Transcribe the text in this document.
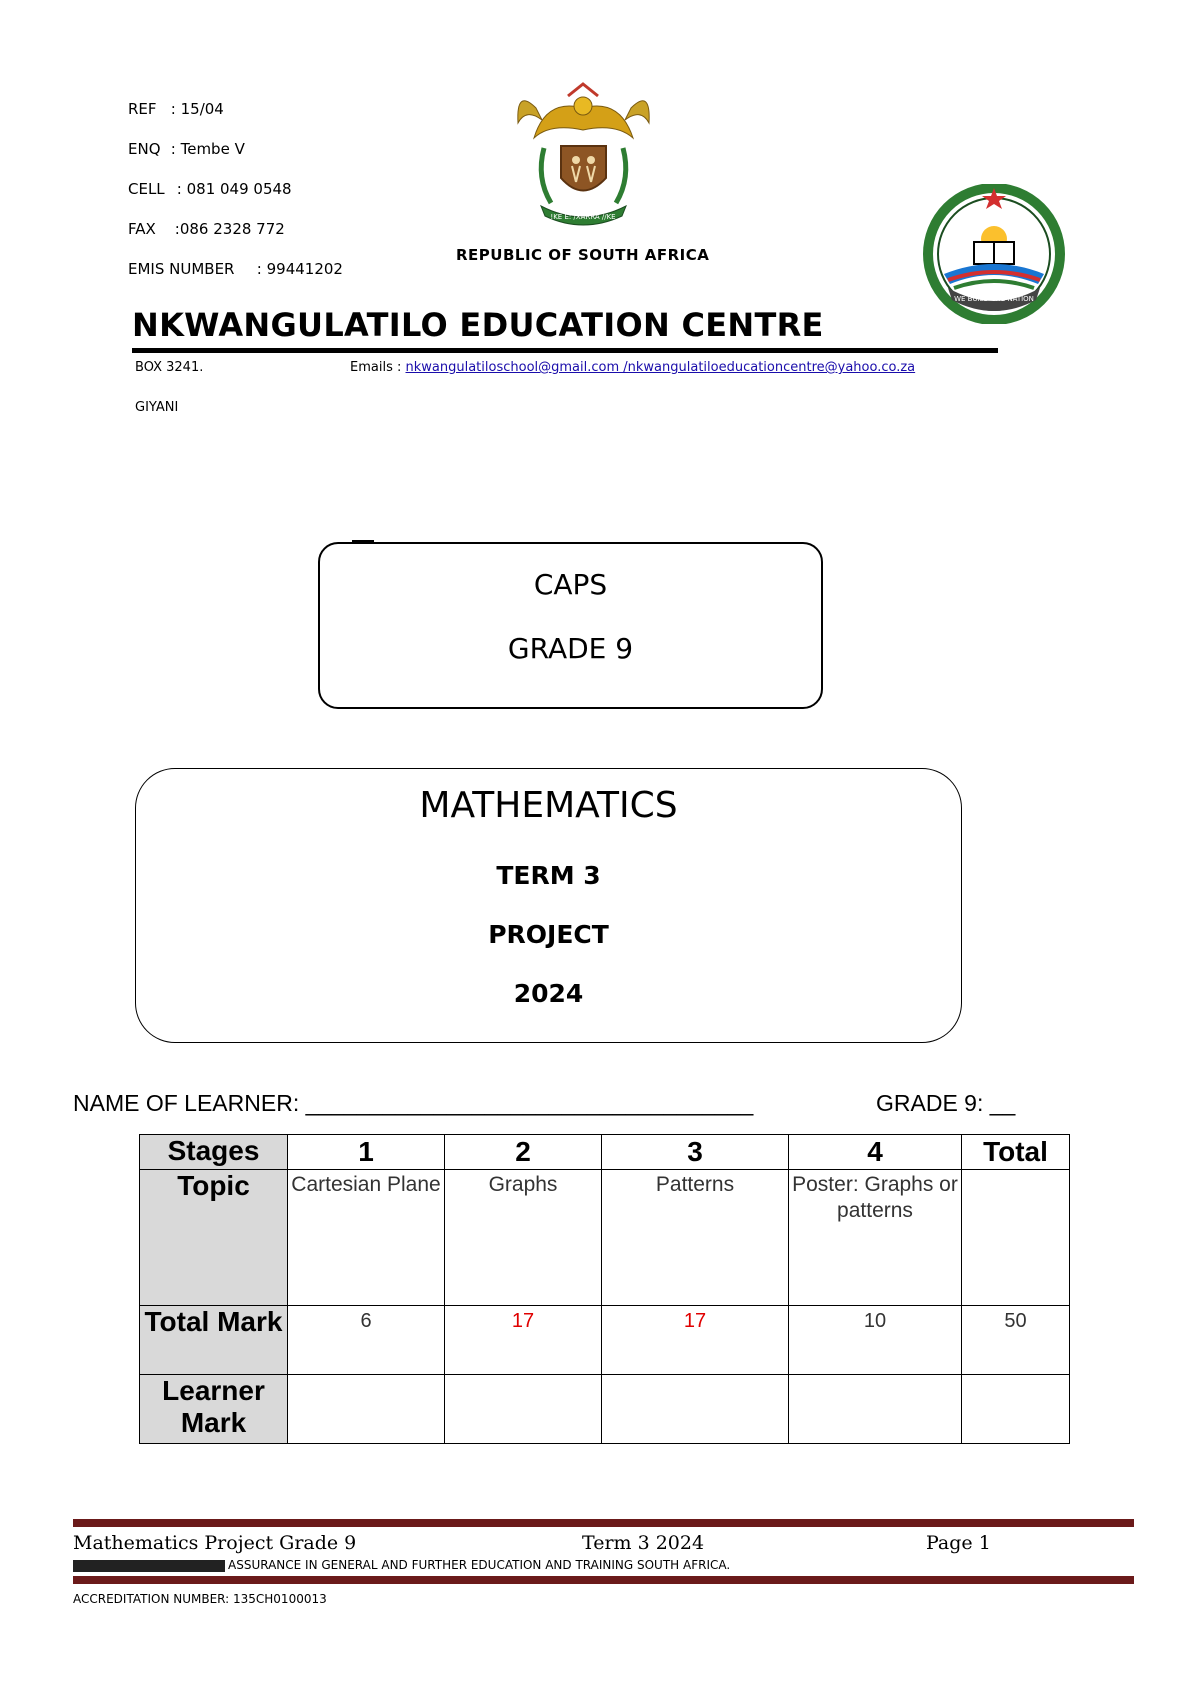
REF : 15/04
ENQ : Tembe V
CELL : 081 049 0548
FAX :086 2328 772
EMIS NUMBER : 99441202
!KE E: /XARRA //KE
REPUBLIC OF SOUTH AFRICA
WE BUILD THE NATION
NKWANGULATILO EDUCATION CENTRE
BOX 3241.	Emails : nkwangulatiloschool@gmail.com /nkwangulatiloeducationcentre@yahoo.co.za
GIYANI
CAPS
GRADE 9
MATHEMATICS
TERM 3
PROJECT
2024
NAME OF LEARNER: ___________________________________	GRADE 9: __
Stages	1	2	3	4	Total
Topic	Cartesian Plane	Graphs	Patterns	Poster: Graphs or patterns	
Total Mark	6	17	17	10	50
Learner Mark					
Mathematics Project Grade 9	Term 3 2024	Page 1
ASSURANCE IN GENERAL AND FURTHER EDUCATION AND TRAINING SOUTH AFRICA.
ACCREDITATION NUMBER: 135CH0100013
